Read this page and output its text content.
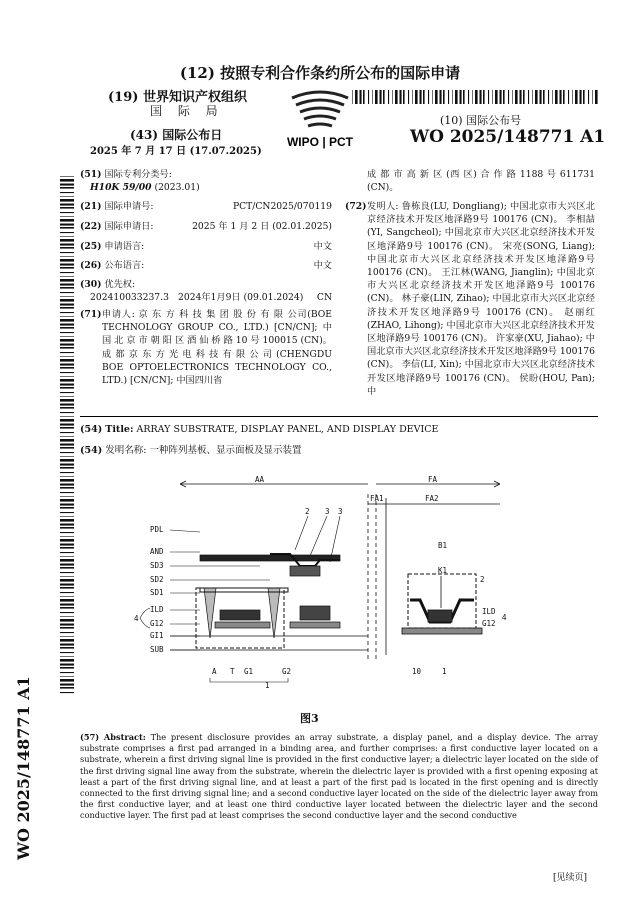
(12) 按照专利合作条约所公布的国际申请
(19) 世界知识产权组织
国 际 局
(43) 国际公布日
2025 年 7 月 17 日 (17.07.2025)
WIPO | PCT
(10) 国际公布号
WO 2025/148771 A1
WO 2025/148771 A1
(51) 国际专利分类号:
H10K 59/00 (2023.01)
(21) 国际申请号:	PCT/CN2025/070119
(22) 国际申请日:	2025 年 1 月 2 日 (02.01.2025)
(25) 申请语言:	中文
(26) 公布语言:	中文
(30) 优先权:
202410033237.3 2024年1月9日 (09.01.2024) CN
(71) 申请人: 京 东 方 科 技 集 团 股 份 有 限 公司(BOE TECHNOLOGY GROUP CO., LTD.) [CN/CN]; 中 国 北 京 市 朝 阳 区 酒 仙 桥 路 10 号 100015 (CN)。 成 都 京 东 方 光 电 科 技 有 限 公 司 (CHENGDU BOE OPTOELECTRONICS TECHNOLOGY CO., LTD.) [CN/CN]; 中国四川省
成 都 市 高 新 区 (西 区) 合 作 路 1188 号 611731 (CN)。
(72) 发明人: 鲁栋良(LU, Dongliang); 中国北京市大兴区北京经济技术开发区地泽路9号 100176 (CN)。 李相喆(YI, Sangcheol); 中国北京市大兴区北京经济技术开发区地泽路9号 100176 (CN)。 宋亮(SONG, Liang); 中国北京市大兴区北京经济技术开发区地泽路9号 100176 (CN)。 王江林(WANG, Jianglin); 中国北京市大兴区北京经济技术开发区地泽路9号 100176 (CN)。 林子豪(LIN, Zihao); 中国北京市大兴区北京经济技术开发区地泽路9号 100176 (CN)。 赵丽红(ZHAO, Lihong); 中国北京市大兴区北京经济技术开发区地泽路9号 100176 (CN)。 许家豪(XU, Jiahao); 中国北京市大兴区北京经济技术开发区地泽路9号 100176 (CN)。 李信(LI, Xin); 中国北京市大兴区北京经济技术开发区地泽路9号 100176 (CN)。 侯盼(HOU, Pan); 中
(54) Title: ARRAY SUBSTRATE, DISPLAY PANEL, AND DISPLAY DEVICE
(54) 发明名称: 一种阵列基板、显示面板及显示装置
AA	FA
FA1	FA2
B1
PDL
AND
SD3
SD2
SD1
ILD
G12
GI1
SUB
4
2 3 3
A T G1	G2
1
K1
2
ILD
G12
4
10	1
图3
(57) Abstract: The present disclosure provides an array substrate, a display panel, and a display device. The array substrate comprises a first pad arranged in a binding area, and further comprises: a first conductive layer located on a substrate, wherein a first driving signal line is provided in the first conductive layer; a dielectric layer located on the side of the first driving signal line away from the substrate, wherein the dielectric layer is provided with a first opening exposing at least a part of the first driving signal line, and at least a part of the first pad is located in the first opening and is directly connected to the first driving signal line; and a second conductive layer located on the side of the dielectric layer away from the first conductive layer, and at least one third conductive layer located between the dielectric layer and the second conductive layer. The first pad at least comprises the second conductive layer and the second conductive
[见续页]
